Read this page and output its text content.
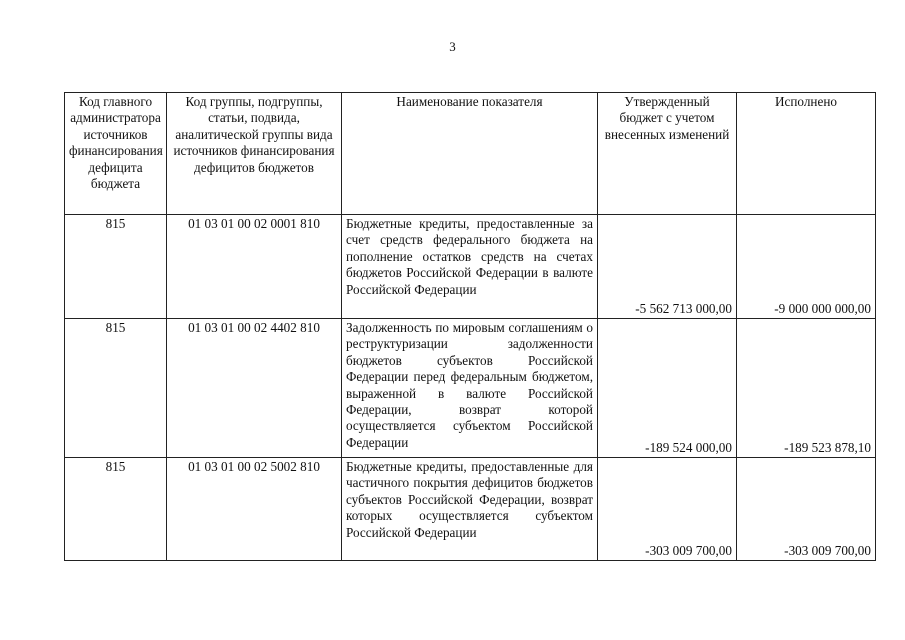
3
Код главного администратора источников финансирования дефицита бюджета	Код группы, подгруппы, статьи, подвида, аналитической группы вида источников финансирования дефицитов бюджетов	Наименование показателя	Утвержденный бюджет с учетом внесенных изменений	Исполнено
815	01 03 01 00 02 0001 810	Бюджетные кредиты, предоставленные за счет средств федерального бюджета на пополнение остатков средств на счетах бюджетов Российской Федерации в валюте Российской Федерации	-5 562 713 000,00	-9 000 000 000,00
815	01 03 01 00 02 4402 810	Задолженность по мировым соглашениям о реструктуризации задолженности бюджетов субъектов Российской Федерации перед федеральным бюджетом, выраженной в валюте Российской Федерации, возврат которой осуществляется субъектом Российской Федерации	-189 524 000,00	-189 523 878,10
815	01 03 01 00 02 5002 810	Бюджетные кредиты, предоставленные для частичного покрытия дефицитов бюджетов субъектов Российской Федерации, возврат которых осуществляется субъектом Российской Федерации	-303 009 700,00	-303 009 700,00
